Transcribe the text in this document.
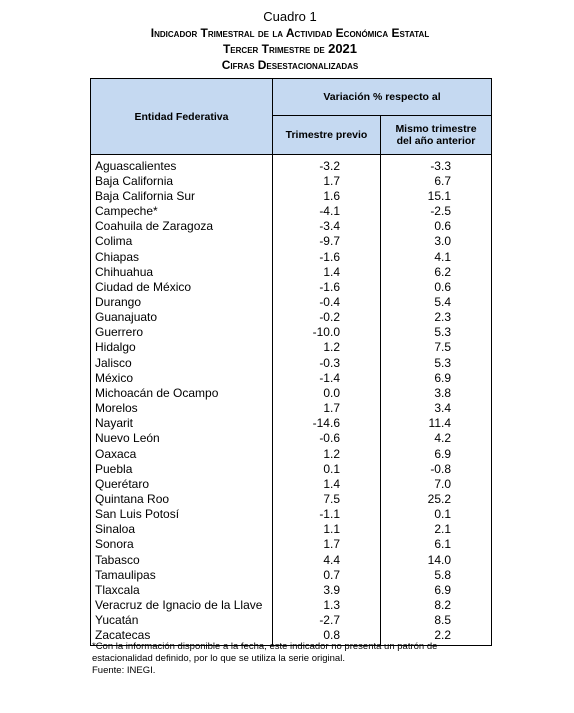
Cuadro 1
Indicador Trimestral de la Actividad Económica Estatal
Tercer Trimestre de 2021
Cifras Desestacionalizadas
Entidad Federativa	Variación % respecto al	
	Trimestre previo	Mismo trimestre
del año anterior
Aguascalientes	-3.2	-3.3
Baja California	1.7	6.7
Baja California Sur	1.6	15.1
Campeche*	-4.1	-2.5
Coahuila de Zaragoza	-3.4	0.6
Colima	-9.7	3.0
Chiapas	-1.6	4.1
Chihuahua	1.4	6.2
Ciudad de México	-1.6	0.6
Durango	-0.4	5.4
Guanajuato	-0.2	2.3
Guerrero	-10.0	5.3
Hidalgo	1.2	7.5
Jalisco	-0.3	5.3
México	-1.4	6.9
Michoacán de Ocampo	0.0	3.8
Morelos	1.7	3.4
Nayarit	-14.6	11.4
Nuevo León	-0.6	4.2
Oaxaca	1.2	6.9
Puebla	0.1	-0.8
Querétaro	1.4	7.0
Quintana Roo	7.5	25.2
San Luis Potosí	-1.1	0.1
Sinaloa	1.1	2.1
Sonora	1.7	6.1
Tabasco	4.4	14.0
Tamaulipas	0.7	5.8
Tlaxcala	3.9	6.9
Veracruz de Ignacio de la Llave	1.3	8.2
Yucatán	-2.7	8.5
Zacatecas	0.8	2.2
*Con la información disponible a la fecha, este indicador no presenta un patrón de
estacionalidad definido, por lo que se utiliza la serie original.
Fuente: INEGI.
